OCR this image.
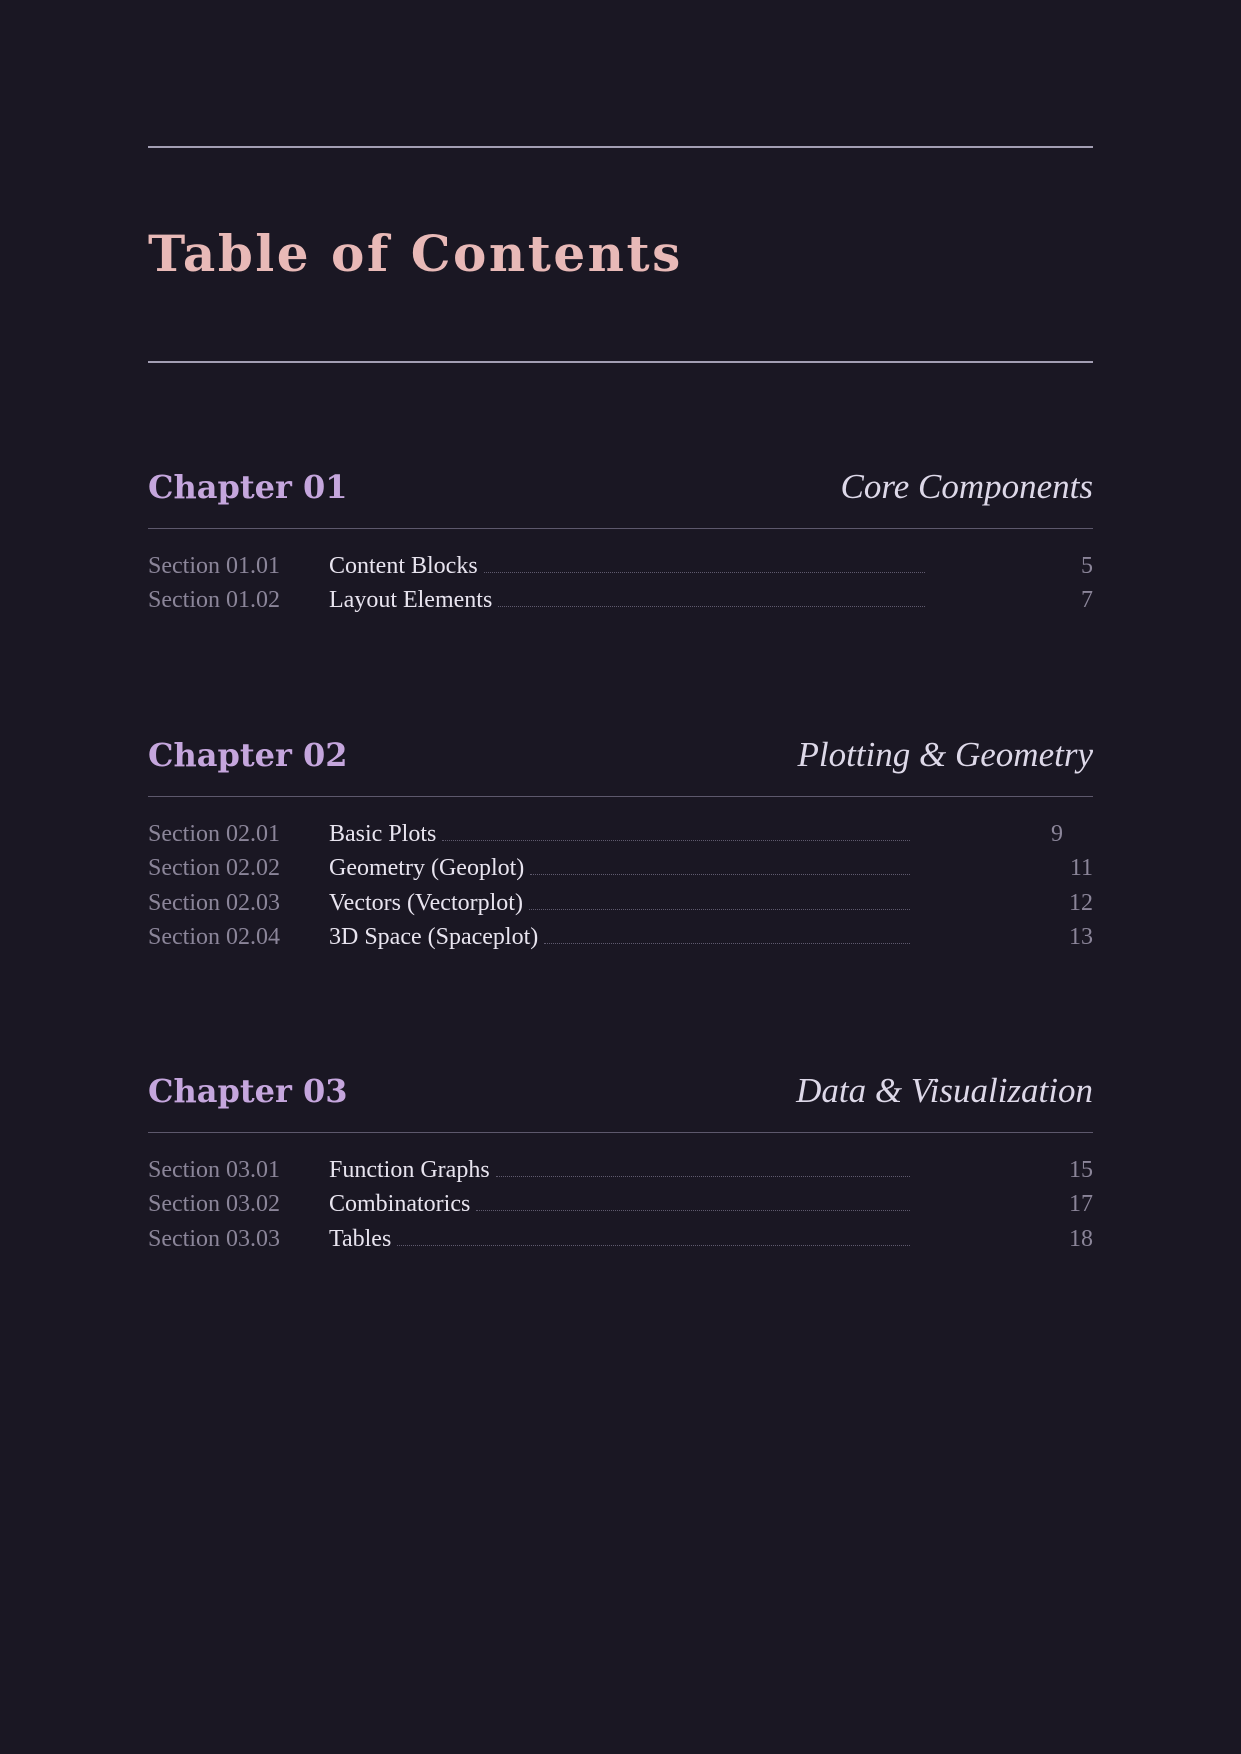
Table of Contents
Chapter 01	Core Components
Section 01.01 Content Blocks	5
Section 01.02 Layout Elements	7
Chapter 02	Plotting & Geometry
Section 02.01 Basic Plots	9
Section 02.02 Geometry (Geoplot)	11
Section 02.03 Vectors (Vectorplot)	12
Section 02.04 3D Space (Spaceplot)	13
Chapter 03	Data & Visualization
Section 03.01 Function Graphs	15
Section 03.02 Combinatorics	17
Section 03.03 Tables	18
